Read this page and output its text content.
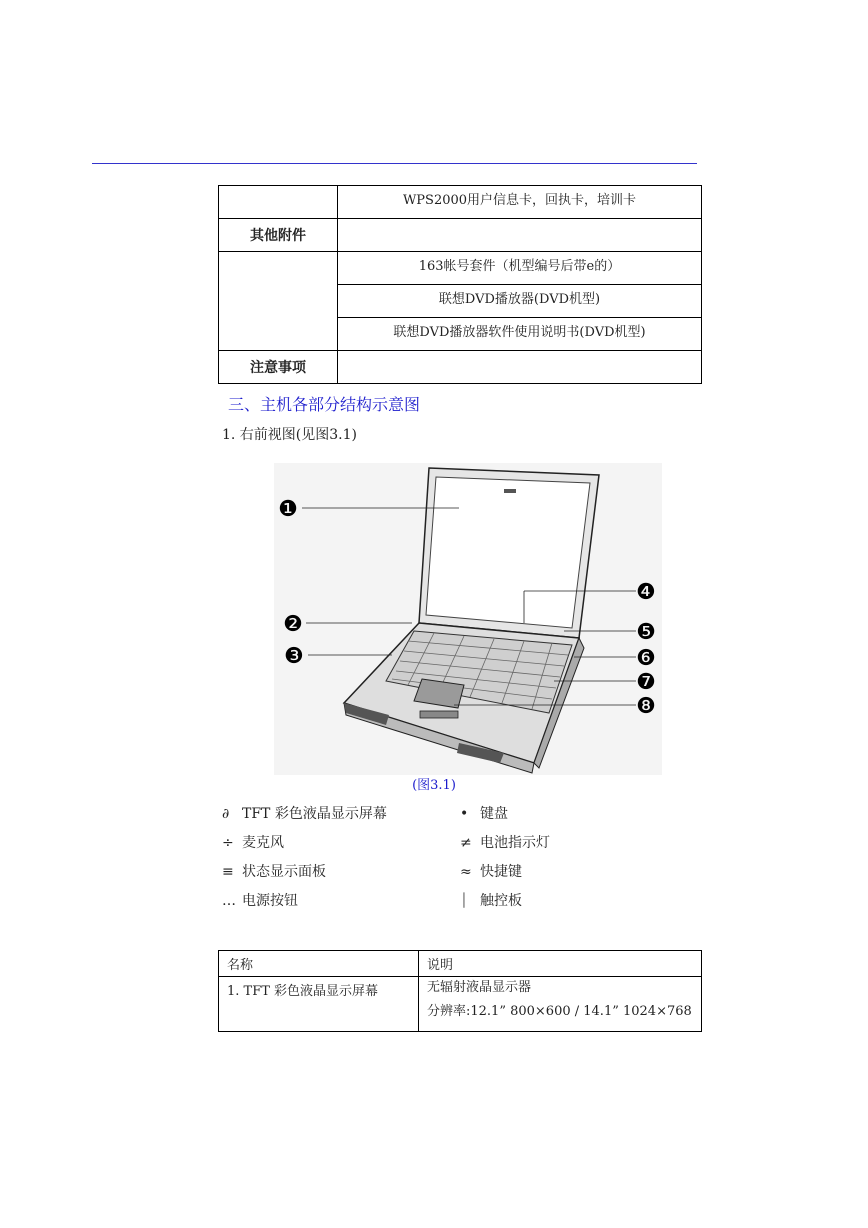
	WPS2000用户信息卡，回执卡，培训卡
其他附件	
	163帐号套件（机型编号后带e的）
	联想DVD播放器(DVD机型)
	联想DVD播放器软件使用说明书(DVD机型)
注意事项	
三、主机各部分结构示意图
1. 右前视图(见图3.1)
❶
❷
❸
❹
❺
❻
❼
❽
(图3.1)
∂ TFT 彩色液晶显示屏幕	• 键盘
÷ 麦克风	≠ 电池指示灯
≡ 状态显示面板	≈ 快捷键
… 电源按钮	⏐ 触控板
名称	说明
1. TFT 彩色液晶显示屏幕	无辐射液晶显示器
分辨率:12.1” 800×600 / 14.1” 1024×768
